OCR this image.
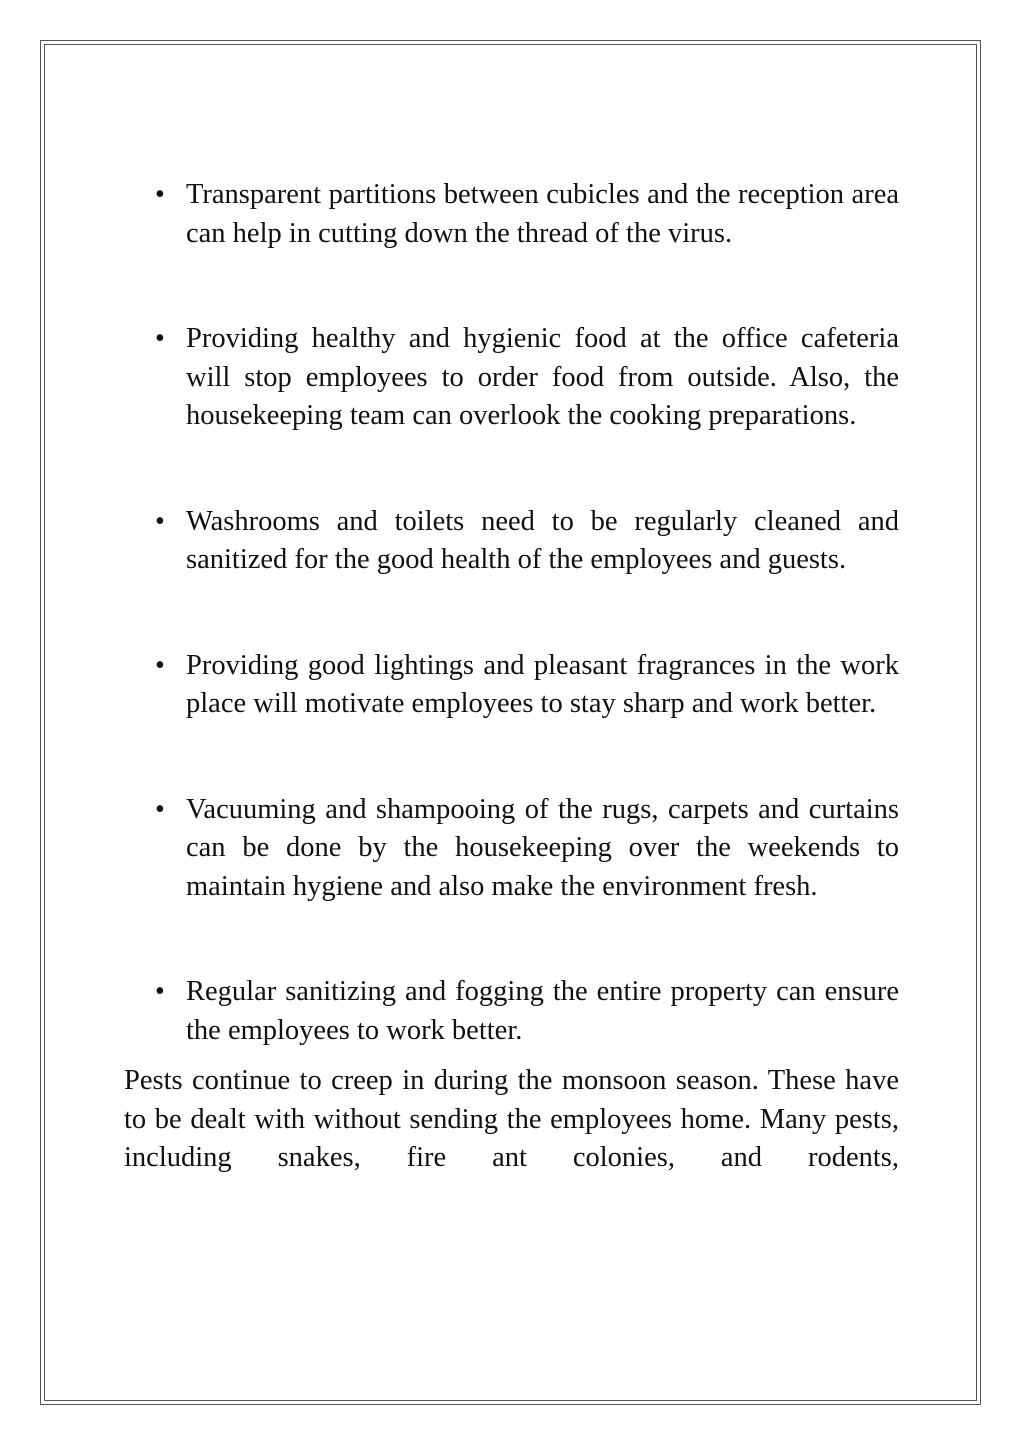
• Transparent partitions between cubicles and the reception area can help in cutting down the thread of the virus.
• Providing healthy and hygienic food at the office cafeteria will stop employees to order food from outside. Also, the housekeeping team can overlook the cooking preparations.
• Washrooms and toilets need to be regularly cleaned and sanitized for the good health of the employees and guests.
• Providing good lightings and pleasant fragrances in the work place will motivate employees to stay sharp and work better.
• Vacuuming and shampooing of the rugs, carpets and curtains can be done by the housekeeping over the weekends to maintain hygiene and also make the environment fresh.
• Regular sanitizing and fogging the entire property can ensure the employees to work better.

Pests continue to creep in during the monsoon season. These have to be dealt with without sending the employees home. Many pests, including snakes, fire ant colonies, and rodents,
